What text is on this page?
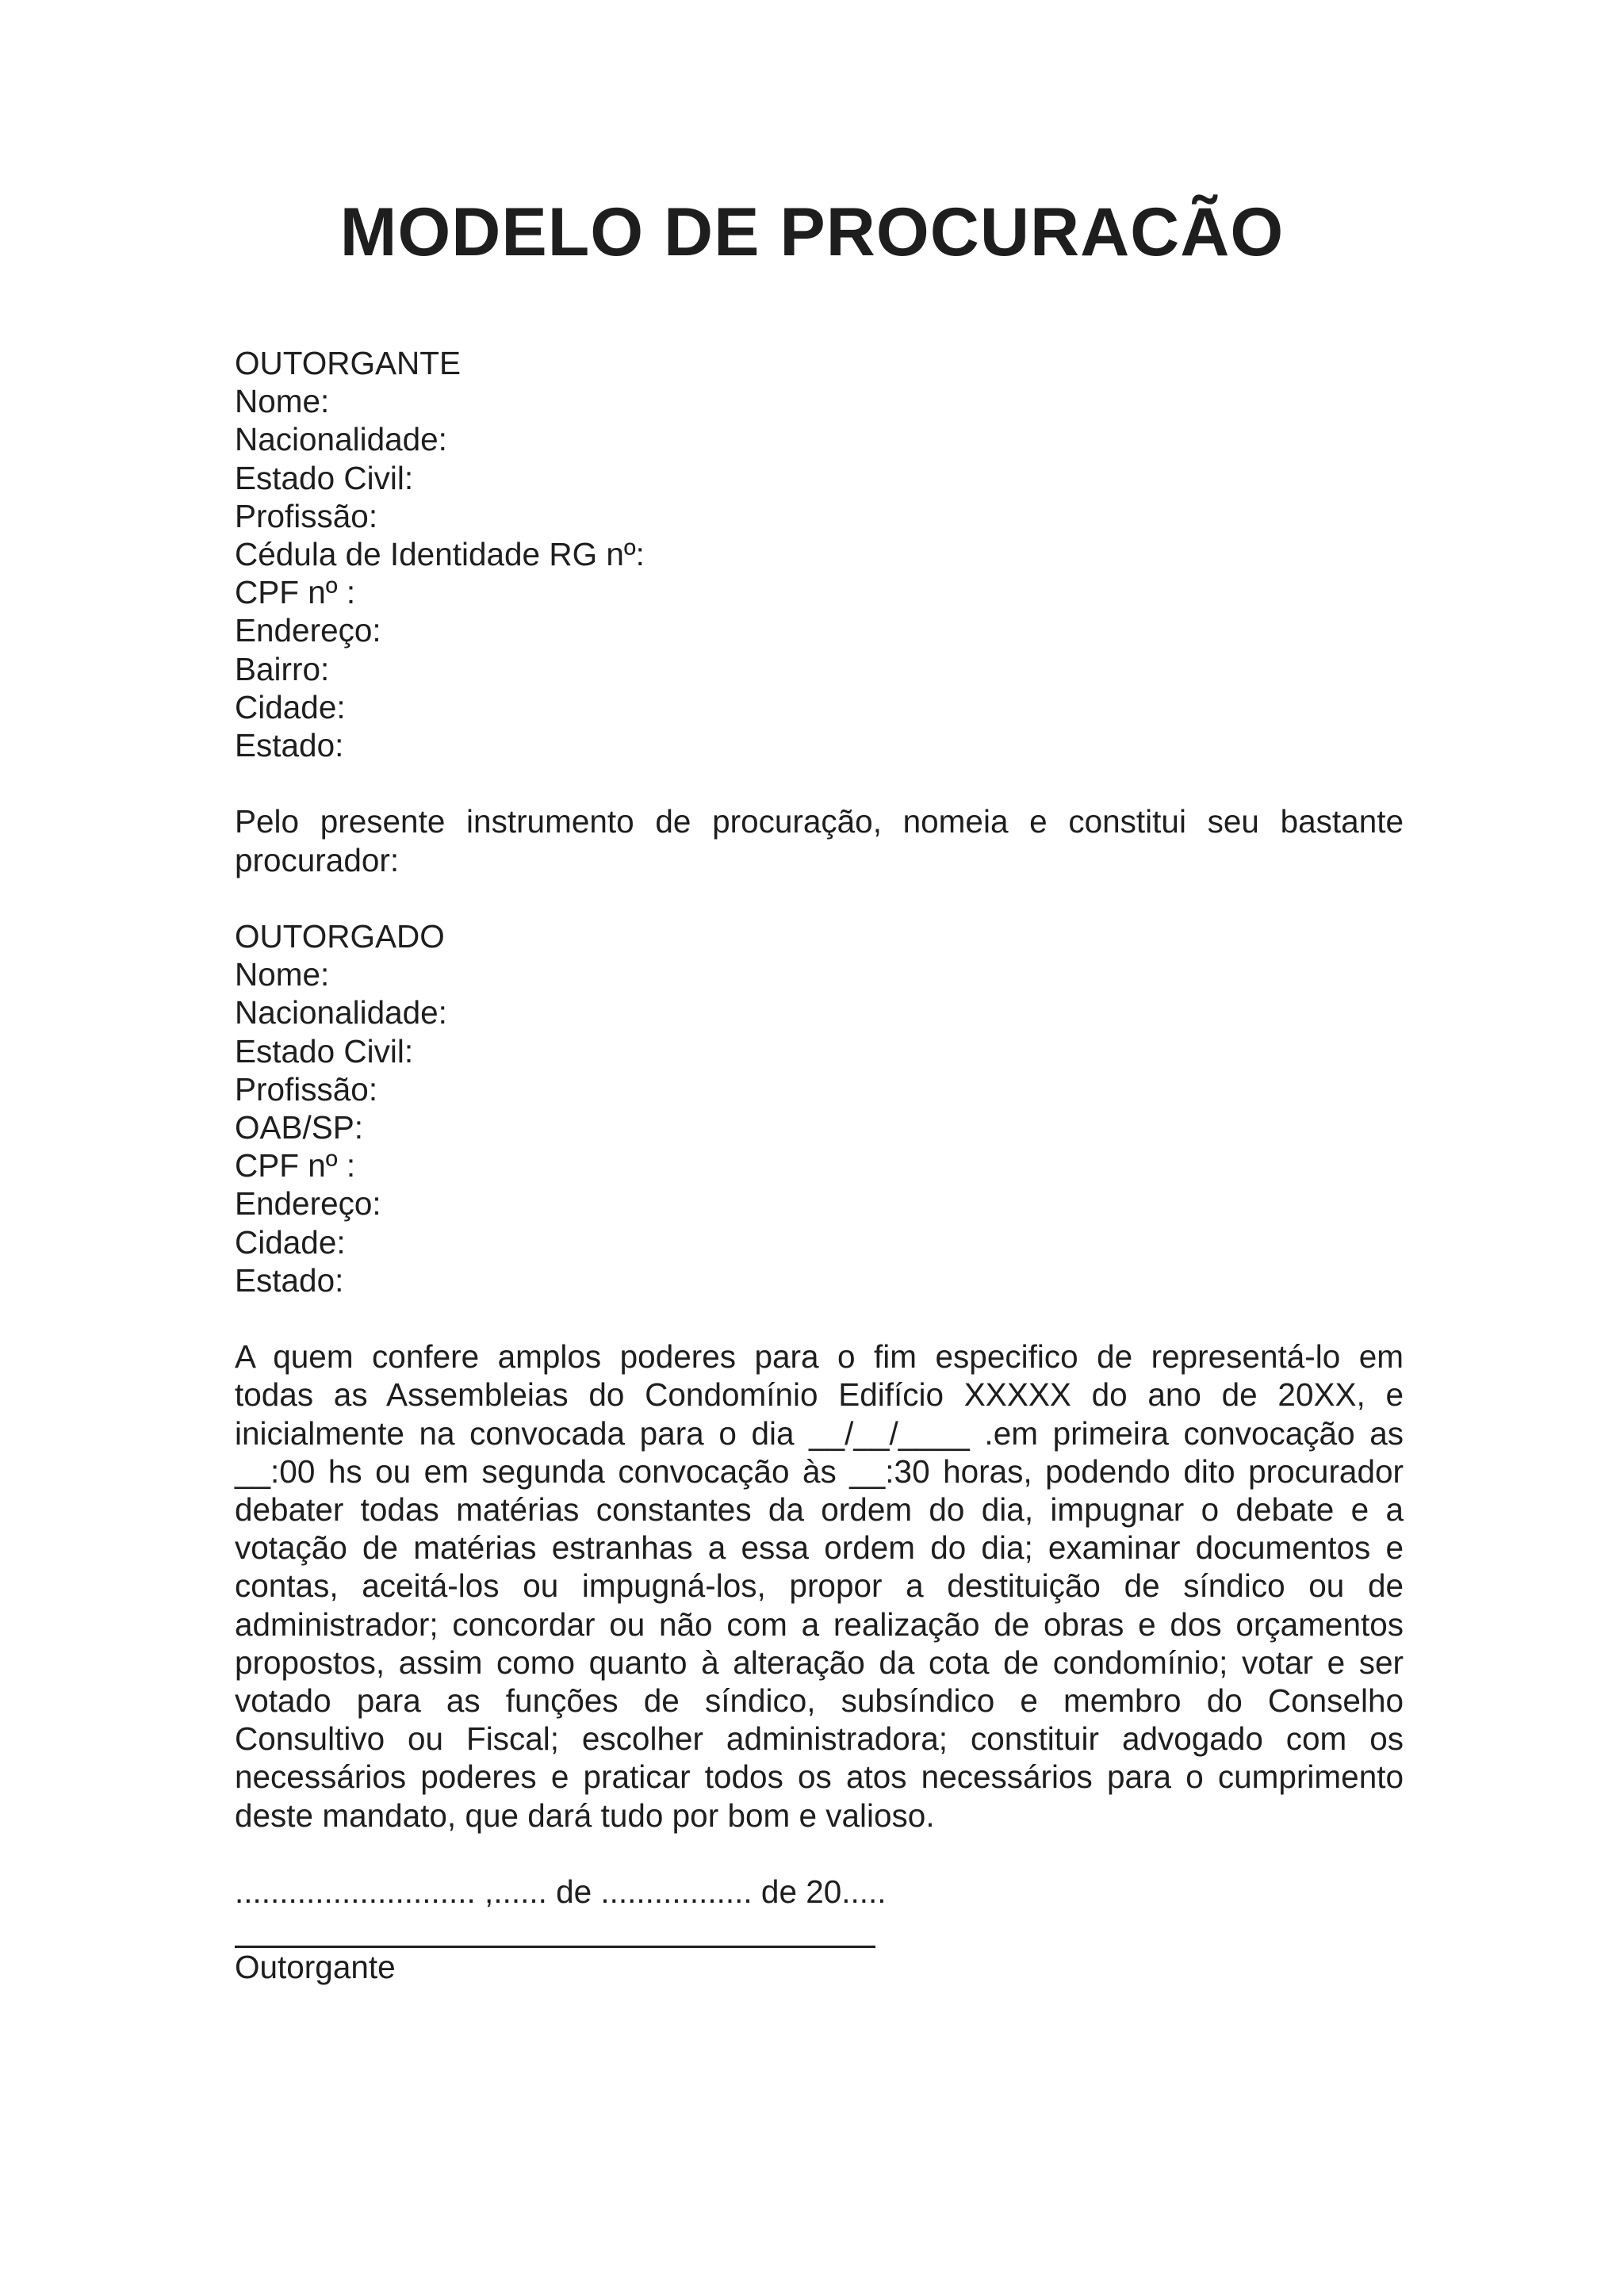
MODELO DE PROCURACÃO
OUTORGANTE
Nome:
Nacionalidade:
Estado Civil:
Profissão:
Cédula de Identidade RG nº:
CPF nº :
Endereço:
Bairro:
Cidade:
Estado:
Pelo presente instrumento de procuração, nomeia e constitui seu bastante
procurador:
OUTORGADO
Nome:
Nacionalidade:
Estado Civil:
Profissão:
OAB/SP:
CPF nº :
Endereço:
Cidade:
Estado:
A quem confere amplos poderes para o fim especifico de representá-lo em
todas as Assembleias do Condomínio Edifício XXXXX do ano de 20XX, e
inicialmente na convocada para o dia __/__/____ .em primeira convocação as
__:00 hs ou em segunda convocação às __:30 horas, podendo dito procurador
debater todas matérias constantes da ordem do dia, impugnar o debate e a
votação de matérias estranhas a essa ordem do dia; examinar documentos e
contas, aceitá-los ou impugná-los, propor a destituição de síndico ou de
administrador; concordar ou não com a realização de obras e dos orçamentos
propostos, assim como quanto à alteração da cota de condomínio; votar e ser
votado para as funções de síndico, subsíndico e membro do Conselho
Consultivo ou Fiscal; escolher administradora; constituir advogado com os
necessários poderes e praticar todos os atos necessários para o cumprimento
deste mandato, que dará tudo por bom e valioso.
........................... ,...... de ................. de 20.....
Outorgante
